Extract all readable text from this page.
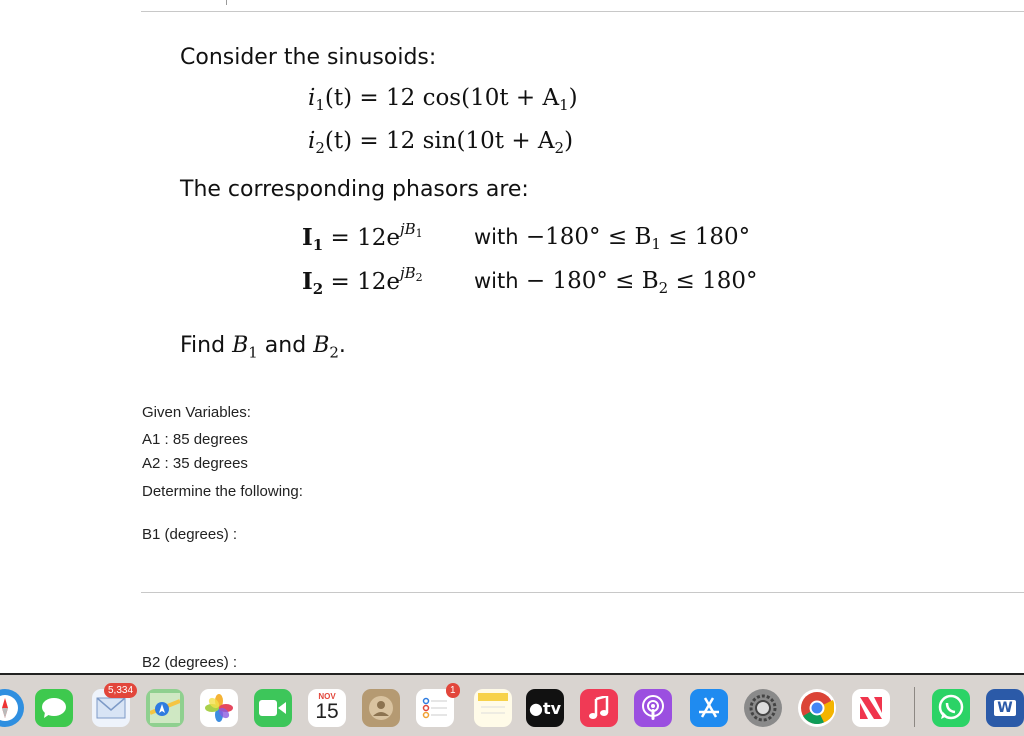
Consider the sinusoids:
$i_1(t) = 12$ $\cos(10t + A_1)$
$i_2(t) = 12$ $\sin(10t + A_2)$
The corresponding phasors are:
$I_1 = 12e^{jB_1}$ with $-180^\circ \le B_1 \le 180^\circ$
$I_2 = 12e^{jB_2}$ with − $180^\circ \le B_2 \le 180^\circ$
Find $B_1$ and $B_2$.
Given Variables:
A1 : 85 degrees
A2 : 35 degrees
Determine the following:
B1 (degrees) :
B2 (degrees) :
5,334
NOV
15
1
● tv	W
